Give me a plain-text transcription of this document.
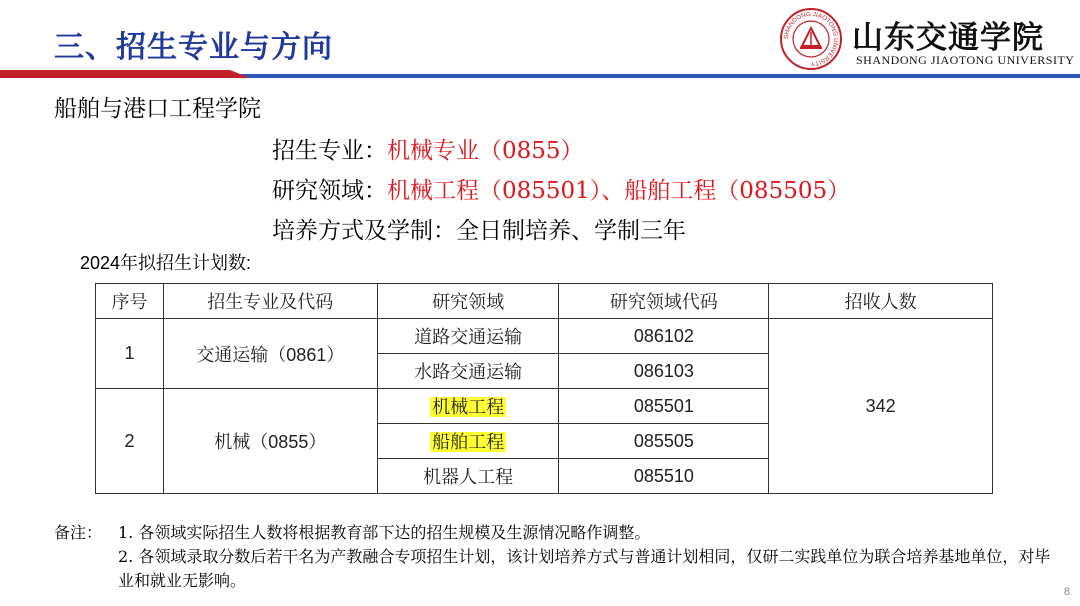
三、招生专业与方向	SHANDONG JIAOTONG UNIVERSITY
山东交通学院
SHANDONG JIAOTONG UNIVERSITY
船舶与港口工程学院
招生专业：机械专业（0855）
研究领域：机械工程（085501）、船舶工程（085505）
培养方式及学制：全日制培养、学制三年
2024年拟招生计划数:
序号	招生专业及代码	研究领域	研究领域代码	招收人数
1	交通运输（0861）	道路交通运输	086102	342
		水路交通运输	086103	
2	机械（0855）	机械工程	085501	
		船舶工程	085505	
		机器人工程	085510	
备注： 1. 各领域实际招生人数将根据教育部下达的招生规模及生源情况略作调整。
2. 各领域录取分数后若干名为产教融合专项招生计划，该计划培养方式与普通计划相同，仅研二实践单位为联合培养基地单位，对毕业和就业无影响。
8
